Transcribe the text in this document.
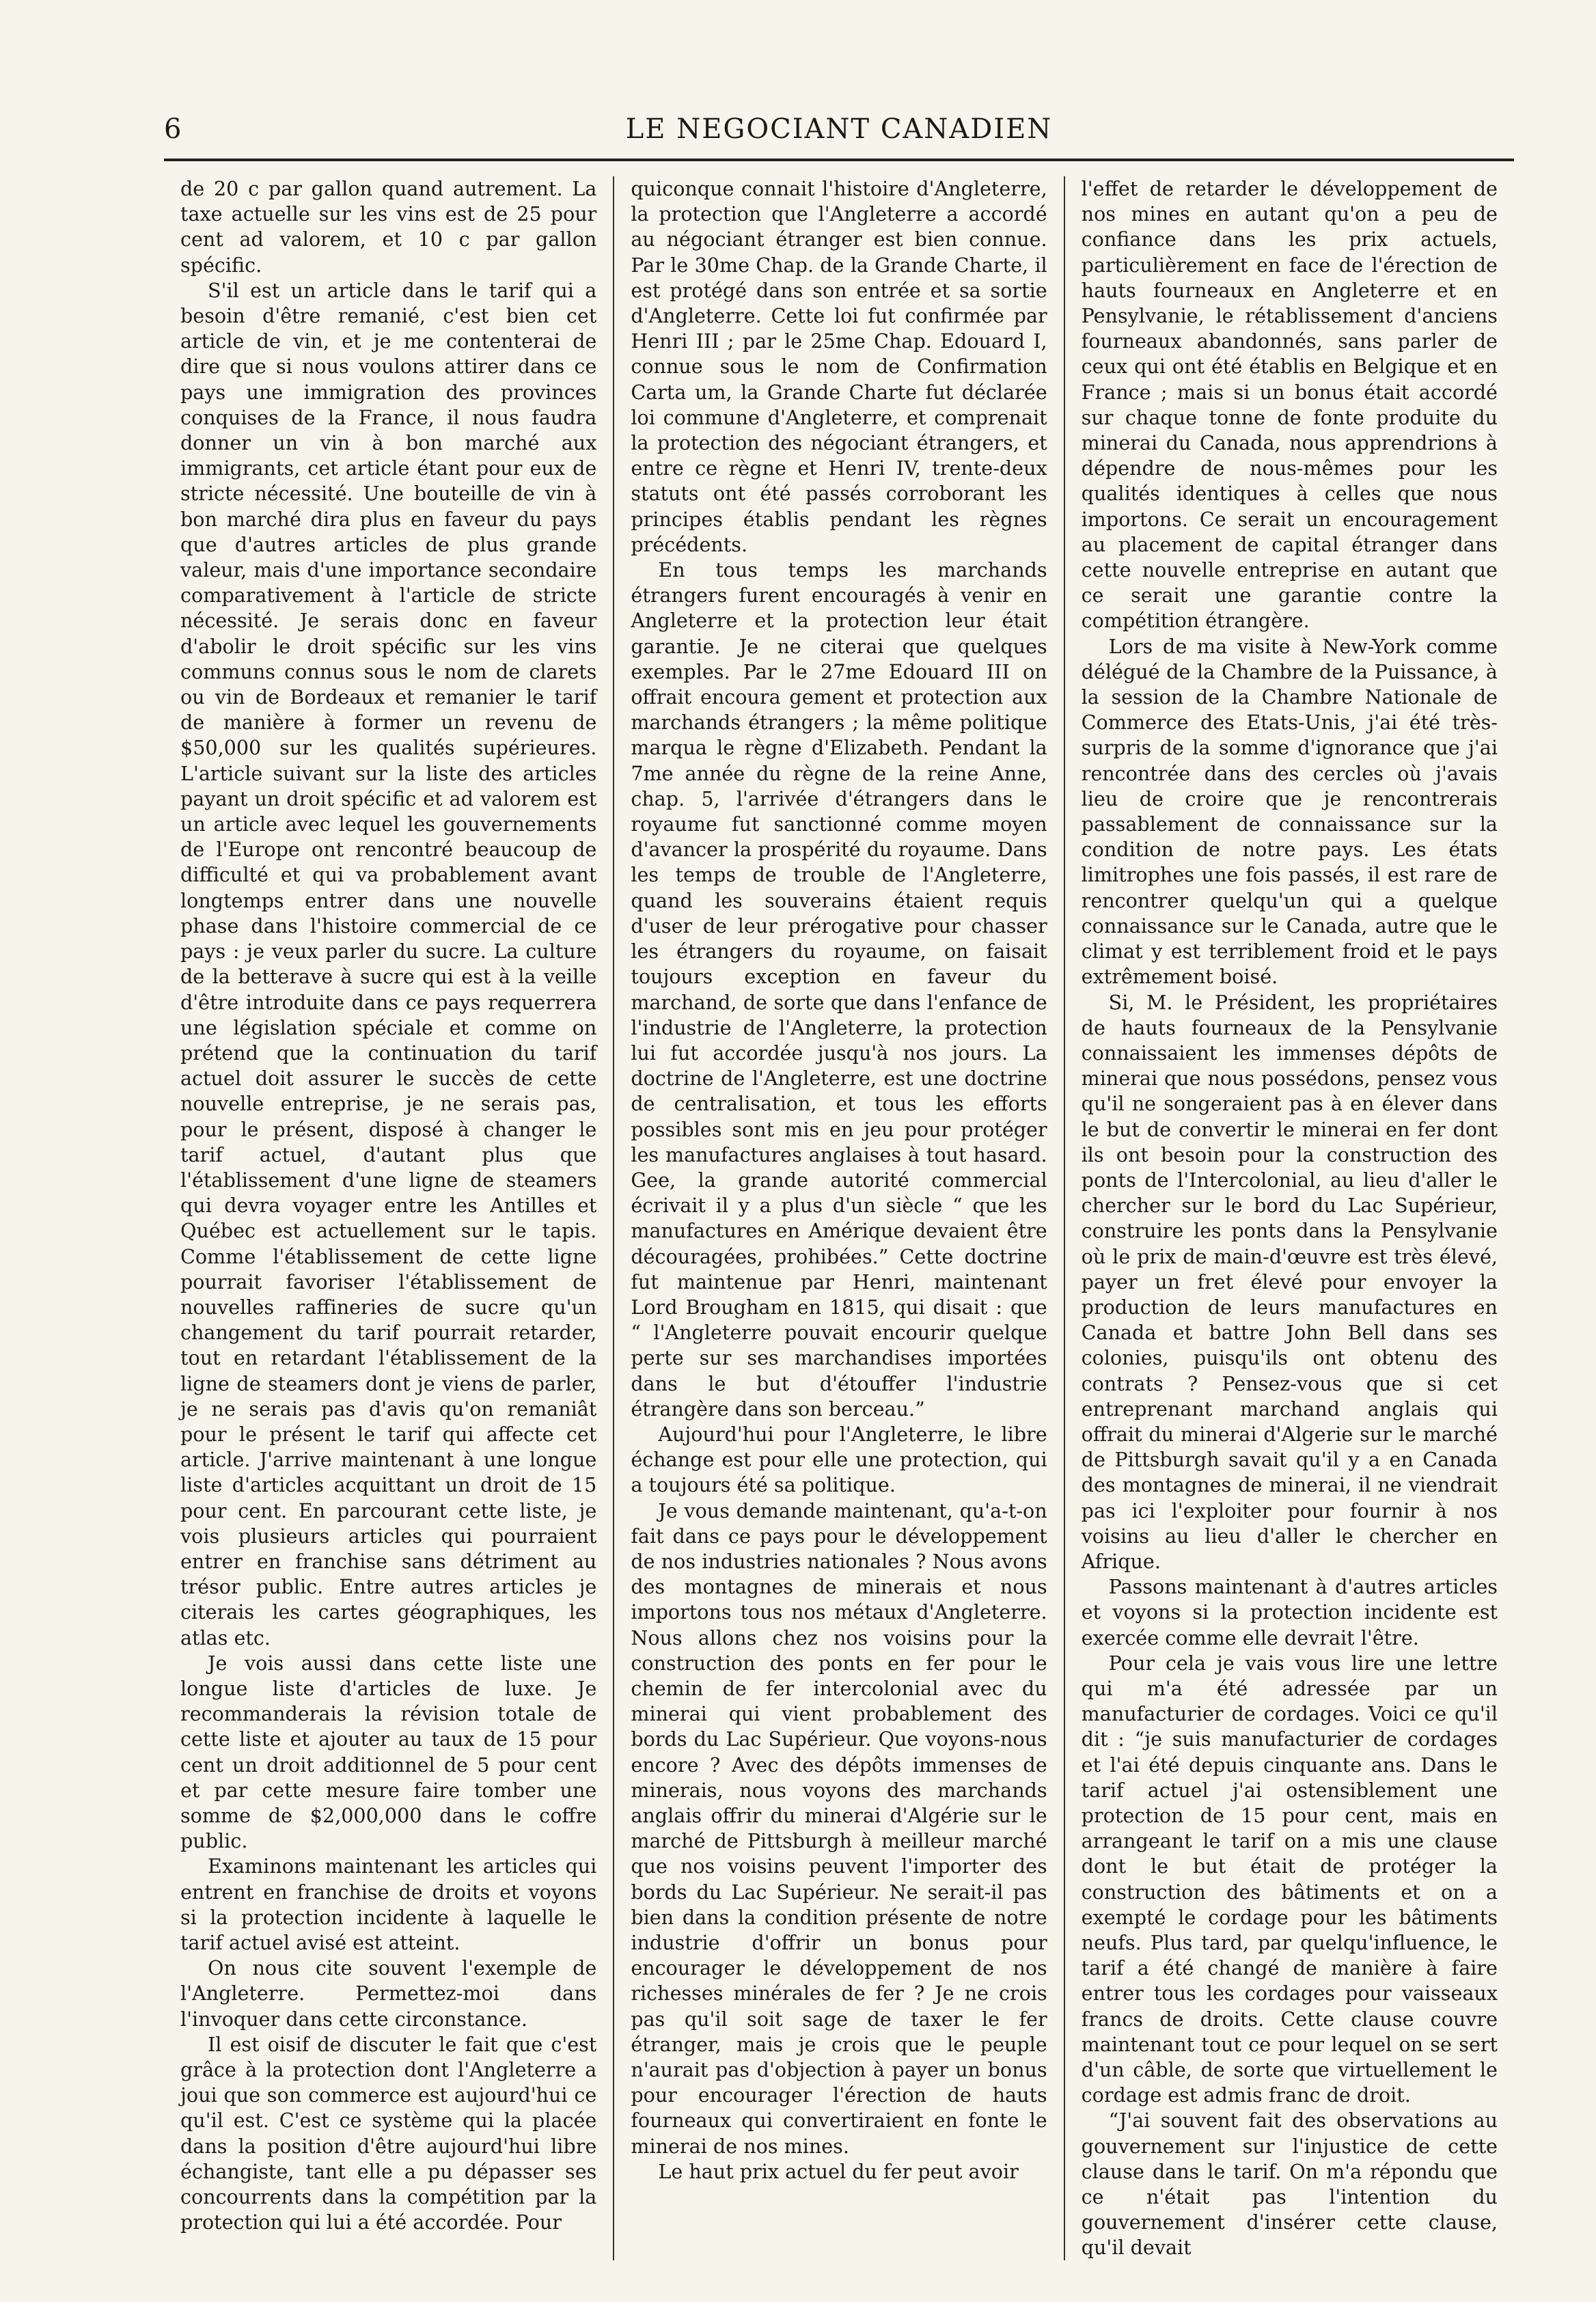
6	LE NEGOCIANT CANADIEN

de 20 c par gallon quand autrement. La taxe actuelle sur les vins est de 25 pour cent ad valorem, et 10 c par gallon spécific.

S'il est un article dans le tarif qui a besoin d'être remanié, c'est bien cet article de vin, et je me contenterai de dire que si nous voulons attirer dans ce pays une immigration des provinces conquises de la France, il nous faudra donner un vin à bon marché aux immigrants, cet article étant pour eux de stricte nécessité. Une bouteille de vin à bon marché dira plus en faveur du pays que d'autres articles de plus grande valeur, mais d'une importance secondaire comparativement à l'article de stricte nécessité. Je serais donc en faveur d'abolir le droit spécific sur les vins communs connus sous le nom de clarets ou vin de Bordeaux et remanier le tarif de manière à former un revenu de $50,000 sur les qualités supérieures. L'article suivant sur la liste des articles payant un droit spécific et ad valorem est un article avec lequel les gouvernements de l'Europe ont rencontré beaucoup de difficulté et qui va probablement avant longtemps entrer dans une nouvelle phase dans l'histoire commercial de ce pays : je veux parler du sucre. La culture de la betterave à sucre qui est à la veille d'être introduite dans ce pays requerrera une législation spéciale et comme on prétend que la continuation du tarif actuel doit assurer le succès de cette nouvelle entreprise, je ne serais pas, pour le présent, disposé à changer le tarif actuel, d'autant plus que l'établissement d'une ligne de steamers qui devra voyager entre les Antilles et Québec est actuellement sur le tapis. Comme l'établissement de cette ligne pourrait favoriser l'établissement de nouvelles raffineries de sucre qu'un changement du tarif pourrait retarder, tout en retardant l'établissement de la ligne de steamers dont je viens de parler, je ne serais pas d'avis qu'on remaniât pour le présent le tarif qui affecte cet article. J'arrive maintenant à une longue liste d'articles acquittant un droit de 15 pour cent. En parcourant cette liste, je vois plusieurs articles qui pourraient entrer en franchise sans détriment au trésor public. Entre autres articles je citerais les cartes géographiques, les atlas etc.

Je vois aussi dans cette liste une longue liste d'articles de luxe. Je recommanderais la révision totale de cette liste et ajouter au taux de 15 pour cent un droit additionnel de 5 pour cent et par cette mesure faire tomber une somme de $2,000,000 dans le coffre public.

Examinons maintenant les articles qui entrent en franchise de droits et voyons si la protection incidente à laquelle le tarif actuel avisé est atteint.

On nous cite souvent l'exemple de l'Angleterre. Permettez-moi dans l'invoquer dans cette circonstance.

Il est oisif de discuter le fait que c'est grâce à la protection dont l'Angleterre a joui que son commerce est aujourd'hui ce qu'il est. C'est ce système qui la placée dans la position d'être aujourd'hui libre échangiste, tant elle a pu dépasser ses concourrents dans la compétition par la protection qui lui a été accordée. Pour

quiconque connait l'histoire d'Angleterre, la protection que l'Angleterre a accordé au négociant étranger est bien connue. Par le 30me Chap. de la Grande Charte, il est protégé dans son entrée et sa sortie d'Angleterre. Cette loi fut confirmée par Henri III ; par le 25me Chap. Edouard I, connue sous le nom de Confirmation Carta um, la Grande Charte fut déclarée loi commune d'Angleterre, et comprenait la protection des négociant étrangers, et entre ce règne et Henri IV, trente-deux statuts ont été passés corroborant les principes établis pendant les règnes précédents.

En tous temps les marchands étrangers furent encouragés à venir en Angleterre et la protection leur était garantie. Je ne citerai que quelques exemples. Par le 27me Edouard III on offrait encoura gement et protection aux marchands étrangers ; la même politique marqua le règne d'Elizabeth. Pendant la 7me année du règne de la reine Anne, chap. 5, l'arrivée d'étrangers dans le royaume fut sanctionné comme moyen d'avancer la prospérité du royaume. Dans les temps de trouble de l'Angleterre, quand les souverains étaient requis d'user de leur prérogative pour chasser les étrangers du royaume, on faisait toujours exception en faveur du marchand, de sorte que dans l'enfance de l'industrie de l'Angleterre, la protection lui fut accordée jusqu'à nos jours. La doctrine de l'Angleterre, est une doctrine de centralisation, et tous les efforts possibles sont mis en jeu pour protéger les manufactures anglaises à tout hasard. Gee, la grande autorité commercial écrivait il y a plus d'un siècle “ que les manufactures en Amérique devaient être découragées, prohibées.” Cette doctrine fut maintenue par Henri, maintenant Lord Brougham en 1815, qui disait : que “ l'Angleterre pouvait encourir quelque perte sur ses marchandises importées dans le but d'étouffer l'industrie étrangère dans son berceau.”

Aujourd'hui pour l'Angleterre, le libre échange est pour elle une protection, qui a toujours été sa politique.

Je vous demande maintenant, qu'a-t-on fait dans ce pays pour le développement de nos industries nationales ? Nous avons des montagnes de minerais et nous importons tous nos métaux d'Angleterre. Nous allons chez nos voisins pour la construction des ponts en fer pour le chemin de fer intercolonial avec du minerai qui vient probablement des bords du Lac Supérieur. Que voyons-nous encore ? Avec des dépôts immenses de minerais, nous voyons des marchands anglais offrir du minerai d'Algérie sur le marché de Pittsburgh à meilleur marché que nos voisins peuvent l'importer des bords du Lac Supérieur. Ne serait-il pas bien dans la condition présente de notre industrie d'offrir un bonus pour encourager le développement de nos richesses minérales de fer ? Je ne crois pas qu'il soit sage de taxer le fer étranger, mais je crois que le peuple n'aurait pas d'objection à payer un bonus pour encourager l'érection de hauts fourneaux qui convertiraient en fonte le minerai de nos mines.

Le haut prix actuel du fer peut avoir

l'effet de retarder le développement de nos mines en autant qu'on a peu de confiance dans les prix actuels, particulièrement en face de l'érection de hauts fourneaux en Angleterre et en Pensylvanie, le rétablissement d'anciens fourneaux abandonnés, sans parler de ceux qui ont été établis en Belgique et en France ; mais si un bonus était accordé sur chaque tonne de fonte produite du minerai du Canada, nous apprendrions à dépendre de nous-mêmes pour les qualités identiques à celles que nous importons. Ce serait un encouragement au placement de capital étranger dans cette nouvelle entreprise en autant que ce serait une garantie contre la compétition étrangère.

Lors de ma visite à New-York comme délégué de la Chambre de la Puissance, à la session de la Chambre Nationale de Commerce des Etats-Unis, j'ai été très-surpris de la somme d'ignorance que j'ai rencontrée dans des cercles où j'avais lieu de croire que je rencontrerais passablement de connaissance sur la condition de notre pays. Les états limitrophes une fois passés, il est rare de rencontrer quelqu'un qui a quelque connaissance sur le Canada, autre que le climat y est terriblement froid et le pays extrêmement boisé.

Si, M. le Président, les propriétaires de hauts fourneaux de la Pensylvanie connaissaient les immenses dépôts de minerai que nous possédons, pensez vous qu'il ne songeraient pas à en élever dans le but de convertir le minerai en fer dont ils ont besoin pour la construction des ponts de l'Intercolonial, au lieu d'aller le chercher sur le bord du Lac Supérieur, construire les ponts dans la Pensylvanie où le prix de main-d'œuvre est très élevé, payer un fret élevé pour envoyer la production de leurs manufactures en Canada et battre John Bell dans ses colonies, puisqu'ils ont obtenu des contrats ? Pensez-vous que si cet entreprenant marchand anglais qui offrait du minerai d'Algerie sur le marché de Pittsburgh savait qu'il y a en Canada des montagnes de minerai, il ne viendrait pas ici l'exploiter pour fournir à nos voisins au lieu d'aller le chercher en Afrique.

Passons maintenant à d'autres articles et voyons si la protection incidente est exercée comme elle devrait l'être.

Pour cela je vais vous lire une lettre qui m'a été adressée par un manufacturier de cordages. Voici ce qu'il dit : “je suis manufacturier de cordages et l'ai été depuis cinquante ans. Dans le tarif actuel j'ai ostensiblement une protection de 15 pour cent, mais en arrangeant le tarif on a mis une clause dont le but était de protéger la construction des bâtiments et on a exempté le cordage pour les bâtiments neufs. Plus tard, par quelqu'influence, le tarif a été changé de manière à faire entrer tous les cordages pour vaisseaux francs de droits. Cette clause couvre maintenant tout ce pour lequel on se sert d'un câble, de sorte que virtuellement le cordage est admis franc de droit.

“J'ai souvent fait des observations au gouvernement sur l'injustice de cette clause dans le tarif. On m'a répondu que ce n'était pas l'intention du gouvernement d'insérer cette clause, qu'il devait
